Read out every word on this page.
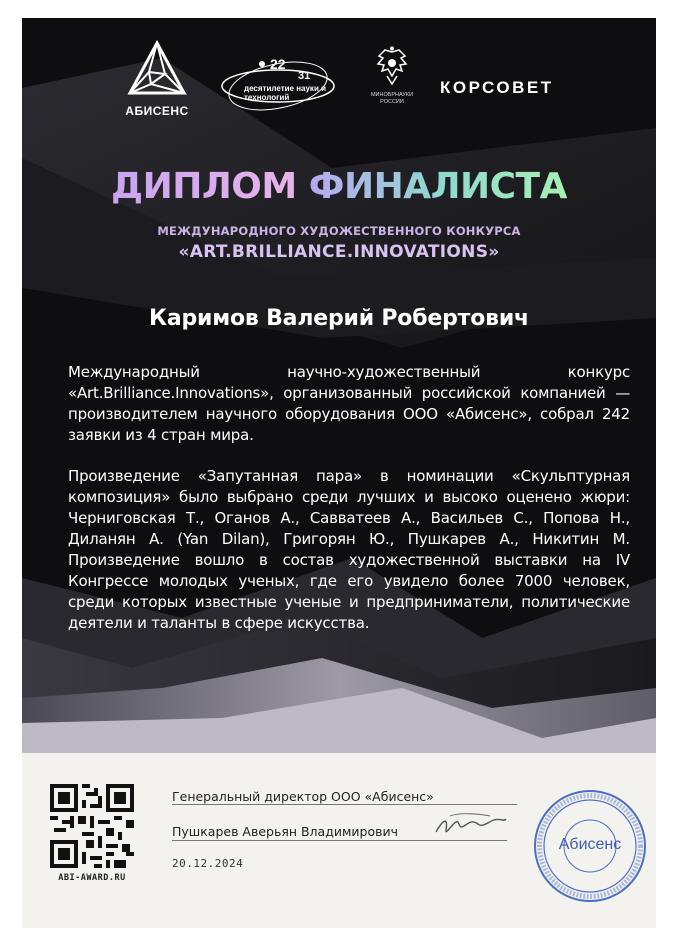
АБИСЕНС
22
31
десятилетие науки и технологий	МИНОБРНАУКИ РОССИИ
КОРСОВЕТ
ДИПЛОМ ФИНАЛИСТА
МЕЖДУНАРОДНОГО ХУДОЖЕСТВЕННОГО КОНКУРСА
«ART.BRILLIANCE.INNOVATIONS»
Каримов Валерий Робертович
Международный научно-художественный конкурс «Art.Brilliance.Innovations», организованный российской компанией — производителем научного оборудования ООО «Абисенс», собрал 242 заявки из 4 стран мира.
Произведение «Запутанная пара» в номинации «Скульптурная композиция» было выбрано среди лучших и высоко оценено жюри: Черниговская Т., Оганов А., Савватеев А., Васильев С., Попова Н., Диланян А. (Yan Dilan), Григорян Ю., Пушкарев А., Никитин М. Произведение вошло в состав художественной выставки на IV Конгрессе молодых ученых, где его увидело более 7000 человек, среди которых известные ученые и предприниматели, политические деятели и таланты в сфере искусства.
ABI-AWARD.RU
Генеральный директор ООО «Абисенс»
Пушкарев Аверьян Владимирович
20.12.2024
Абисенс
